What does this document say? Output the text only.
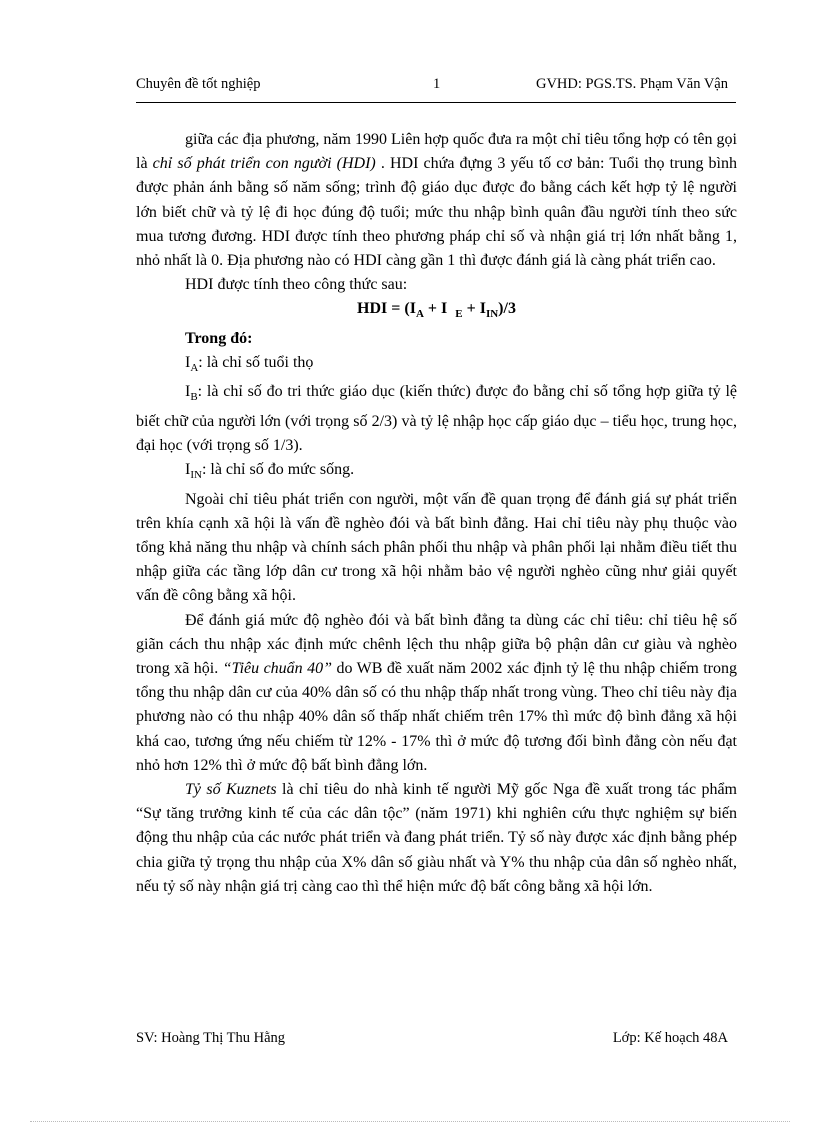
Chuyên đề tốt nghiệp	1	GVHD: PGS.TS. Phạm Văn Vận

giữa các địa phương, năm 1990 Liên hợp quốc đưa ra một chỉ tiêu tổng hợp có tên gọi là chỉ số phát triển con người (HDI) . HDI chứa đựng 3 yếu tố cơ bản: Tuổi thọ trung bình được phản ánh bằng số năm sống; trình độ giáo dục được đo bằng cách kết hợp tỷ lệ người lớn biết chữ và tỷ lệ đi học đúng độ tuổi; mức thu nhập bình quân đầu người tính theo sức mua tương đương. HDI được tính theo phương pháp chỉ số và nhận giá trị lớn nhất bằng 1, nhỏ nhất là 0. Địa phương nào có HDI càng gần 1 thì được đánh giá là càng phát triển cao.

HDI được tính theo công thức sau:

HDI = ($I_A + I$ $_E + I_{IN})/3$

Trong đó:

$I_A$: là chỉ số tuổi thọ

$I_B$: là chỉ số đo tri thức giáo dục (kiến thức) được đo bằng chỉ số tổng hợp giữa tỷ lệ biết chữ của người lớn (với trọng số 2/3) và tỷ lệ nhập học cấp giáo dục – tiểu học, trung học, đại học (với trọng số 1/3).

$I_{IN}$: là chỉ số đo mức sống.

Ngoài chỉ tiêu phát triển con người, một vấn đề quan trọng để đánh giá sự phát triển trên khía cạnh xã hội là vấn đề nghèo đói và bất bình đẳng. Hai chỉ tiêu này phụ thuộc vào tổng khả năng thu nhập và chính sách phân phối thu nhập và phân phối lại nhằm điều tiết thu nhập giữa các tầng lớp dân cư trong xã hội nhằm bảo vệ người nghèo cũng như giải quyết vấn đề công bằng xã hội.

Để đánh giá mức độ nghèo đói và bất bình đẳng ta dùng các chỉ tiêu: chỉ tiêu hệ số giãn cách thu nhập xác định mức chênh lệch thu nhập giữa bộ phận dân cư giàu và nghèo trong xã hội. “Tiêu chuẩn 40” do WB đề xuất năm 2002 xác định tỷ lệ thu nhập chiếm trong tổng thu nhập dân cư của 40% dân số có thu nhập thấp nhất trong vùng. Theo chỉ tiêu này địa phương nào có thu nhập 40% dân số thấp nhất chiếm trên 17% thì mức độ bình đẳng xã hội khá cao, tương ứng nếu chiếm từ 12% - 17% thì ở mức độ tương đối bình đẳng còn nếu đạt nhỏ hơn 12% thì ở mức độ bất bình đẳng lớn.

Tỷ số Kuznets là chỉ tiêu do nhà kinh tế người Mỹ gốc Nga đề xuất trong tác phẩm “Sự tăng trưởng kinh tế của các dân tộc” (năm 1971) khi nghiên cứu thực nghiệm sự biến động thu nhập của các nước phát triển và đang phát triển. Tỷ số này được xác định bằng phép chia giữa tỷ trọng thu nhập của X% dân số giàu nhất và Y% thu nhập của dân số nghèo nhất, nếu tỷ số này nhận giá trị càng cao thì thể hiện mức độ bất công bằng xã hội lớn.

SV: Hoàng Thị Thu Hằng	Lớp: Kế hoạch 48A
